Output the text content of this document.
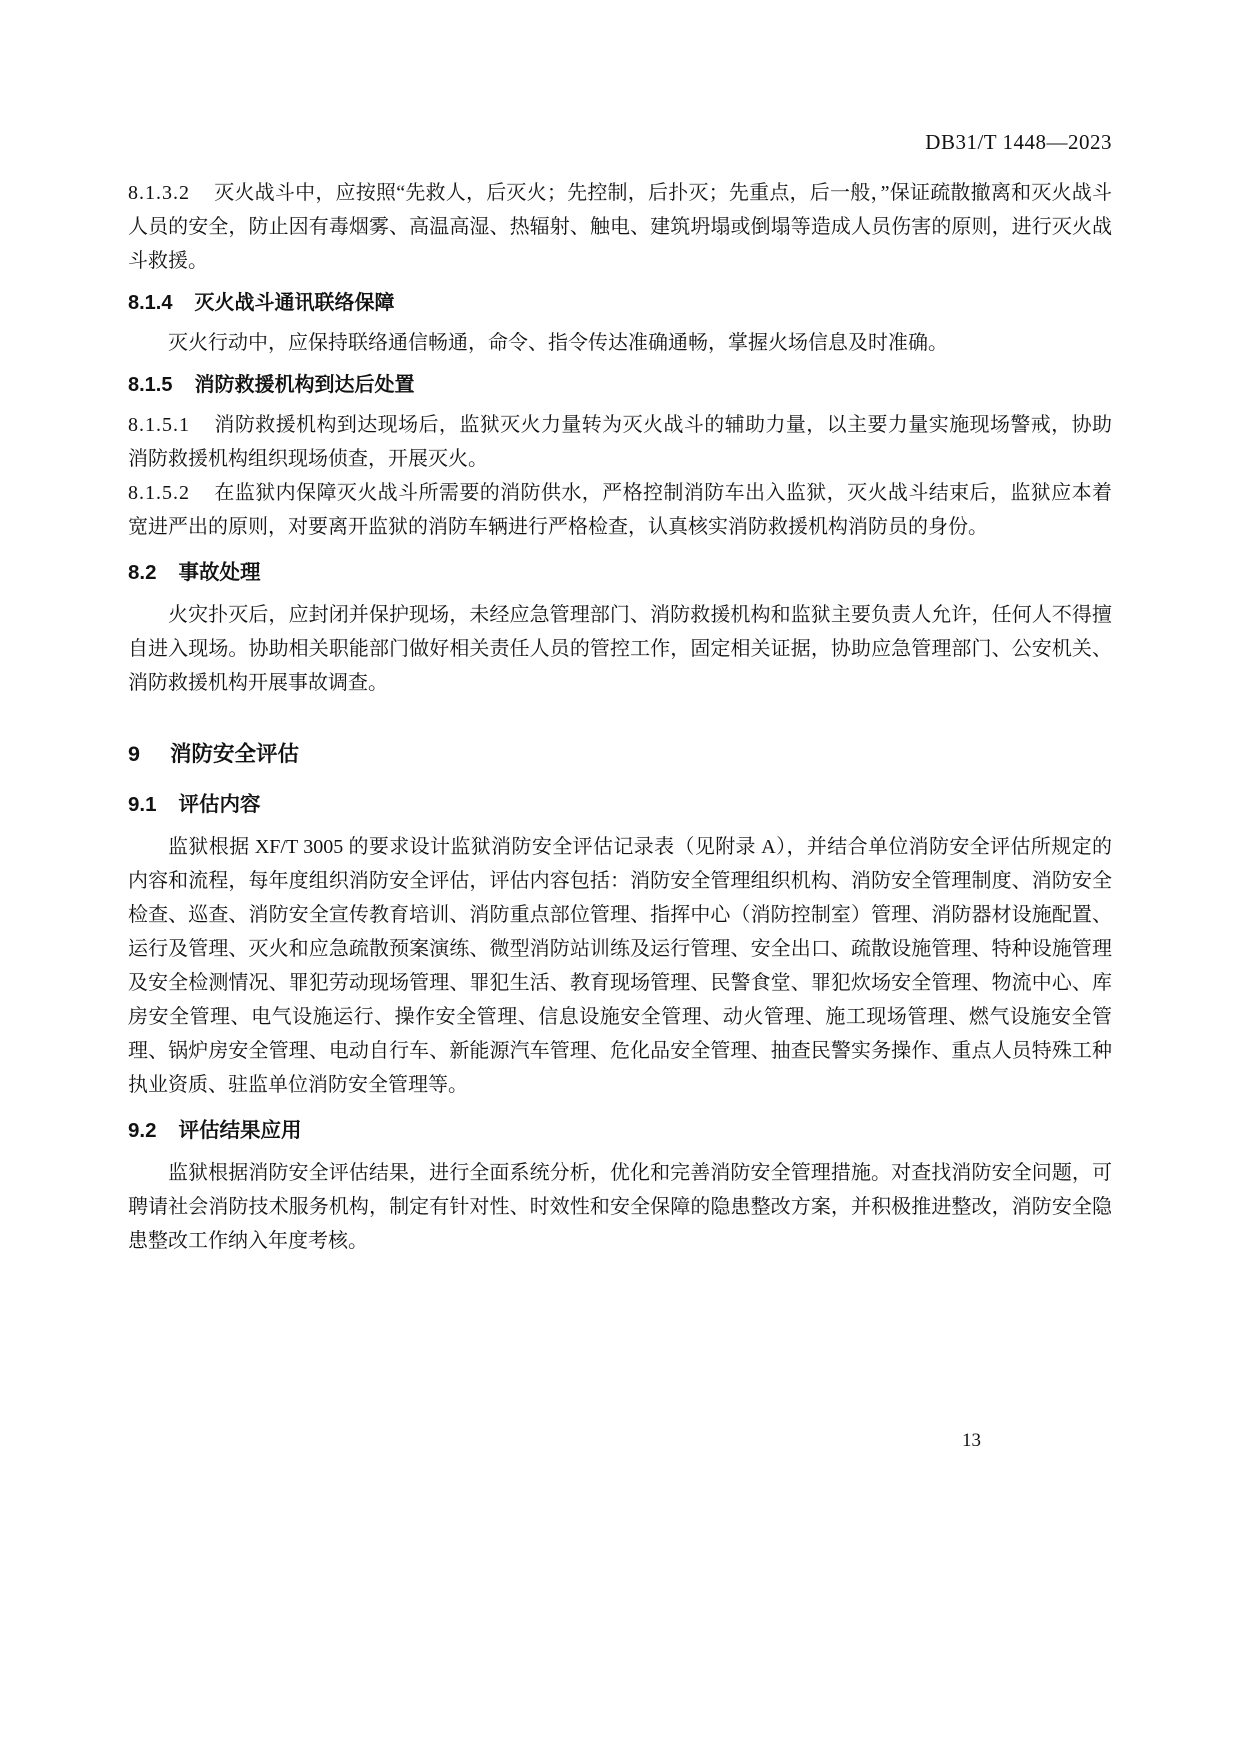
DB31/T 1448—2023

8.1.3.2 灭火战斗中，应按照“先救人，后灭火；先控制，后扑灭；先重点，后一般，”保证疏散撤离和灭火战斗人员的安全，防止因有毒烟雾、高温高湿、热辐射、触电、建筑坍塌或倒塌等造成人员伤害的原则，进行灭火战斗救援。

8.1.4 灭火战斗通讯联络保障

灭火行动中，应保持联络通信畅通，命令、指令传达准确通畅，掌握火场信息及时准确。

8.1.5 消防救援机构到达后处置

8.1.5.1 消防救援机构到达现场后，监狱灭火力量转为灭火战斗的辅助力量，以主要力量实施现场警戒，协助消防救援机构组织现场侦查，开展灭火。

8.1.5.2 在监狱内保障灭火战斗所需要的消防供水，严格控制消防车出入监狱，灭火战斗结束后，监狱应本着宽进严出的原则，对要离开监狱的消防车辆进行严格检查，认真核实消防救援机构消防员的身份。

8.2 事故处理

火灾扑灭后，应封闭并保护现场，未经应急管理部门、消防救援机构和监狱主要负责人允许，任何人不得擅自进入现场。协助相关职能部门做好相关责任人员的管控工作，固定相关证据，协助应急管理部门、公安机关、消防救援机构开展事故调查。

9 消防安全评估
9.1 评估内容

监狱根据 XF/T 3005 的要求设计监狱消防安全评估记录表（见附录 A），并结合单位消防安全评估所规定的内容和流程，每年度组织消防安全评估，评估内容包括：消防安全管理组织机构、消防安全管理制度、消防安全检查、巡查、消防安全宣传教育培训、消防重点部位管理、指挥中心（消防控制室）管理、消防器材设施配置、运行及管理、灭火和应急疏散预案演练、微型消防站训练及运行管理、安全出口、疏散设施管理、特种设施管理及安全检测情况、罪犯劳动现场管理、罪犯生活、教育现场管理、民警食堂、罪犯炊场安全管理、物流中心、库房安全管理、电气设施运行、操作安全管理、信息设施安全管理、动火管理、施工现场管理、燃气设施安全管理、锅炉房安全管理、电动自行车、新能源汽车管理、危化品安全管理、抽查民警实务操作、重点人员特殊工种执业资质、驻监单位消防安全管理等。

9.2 评估结果应用

监狱根据消防安全评估结果，进行全面系统分析，优化和完善消防安全管理措施。对查找消防安全问题，可聘请社会消防技术服务机构，制定有针对性、时效性和安全保障的隐患整改方案，并积极推进整改，消防安全隐患整改工作纳入年度考核。

13
